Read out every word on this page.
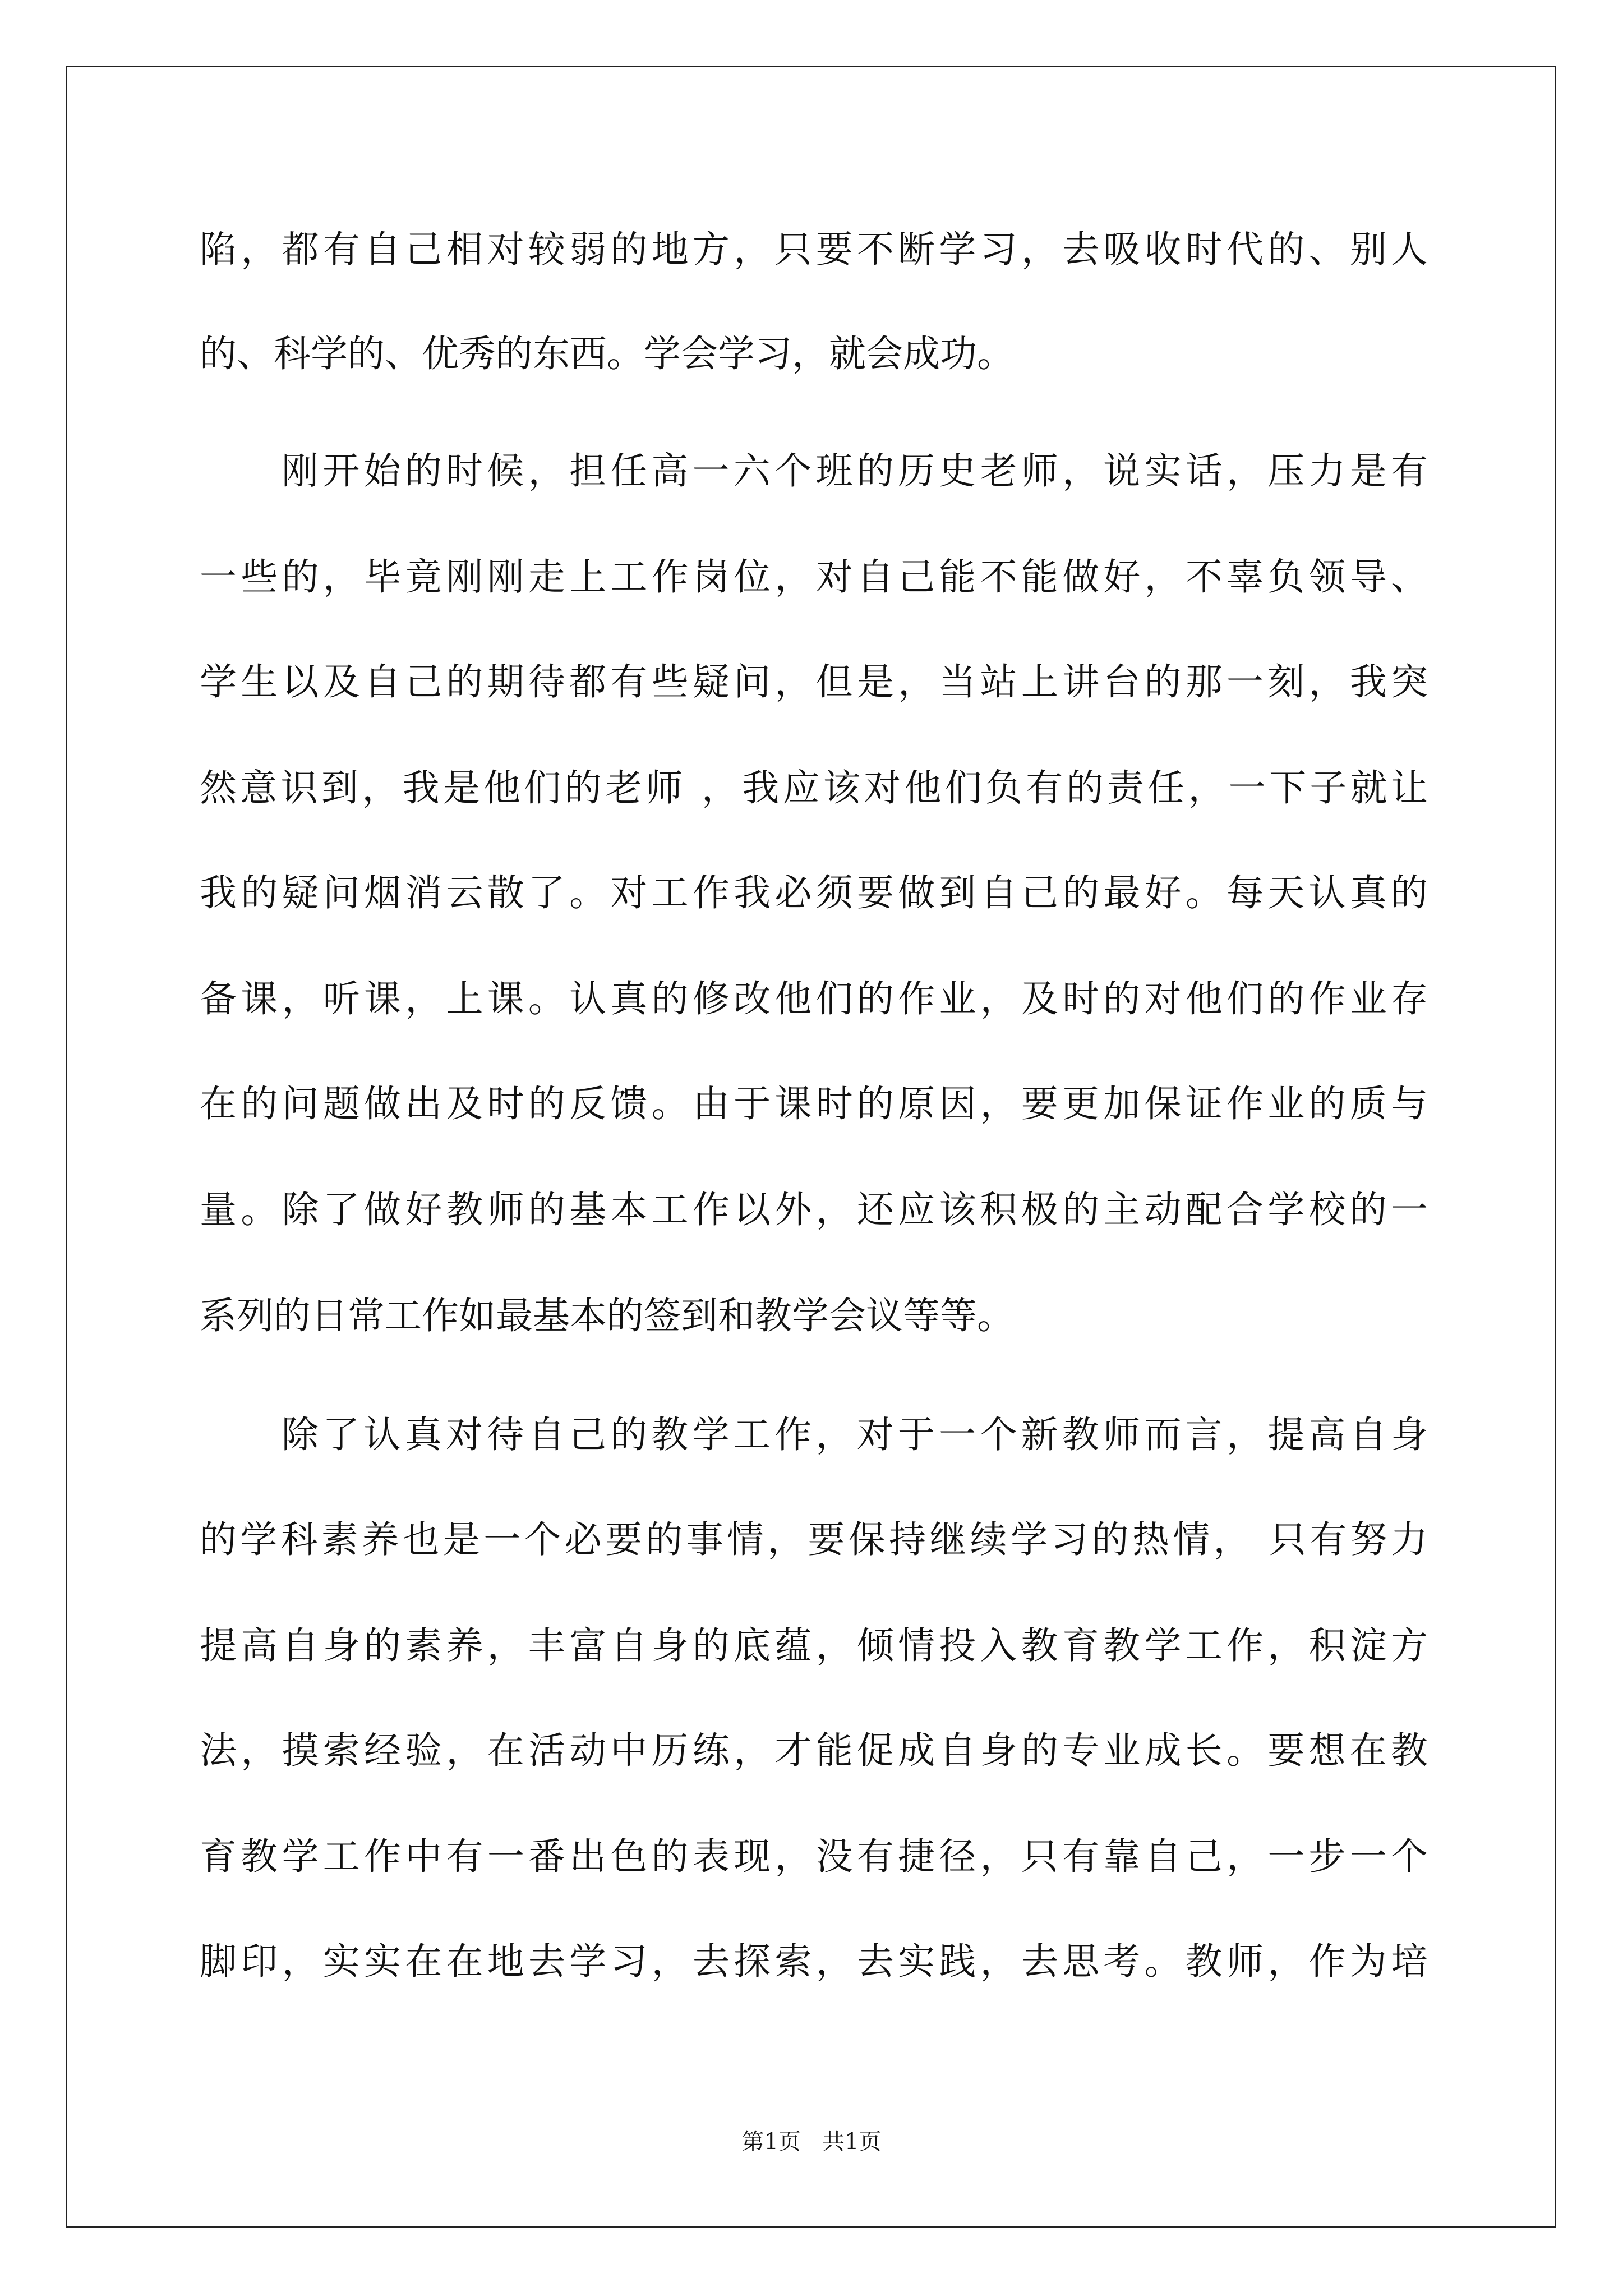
陷，都有自己相对较弱的地方，只要不断学习，去吸收时代的、别人
的、科学的、优秀的东西。学会学习，就会成功。
刚开始的时候，担任高一六个班的历史老师，说实话，压力是有
一些的，毕竟刚刚走上工作岗位，对自己能不能做好，不辜负领导、
学生以及自己的期待都有些疑问，但是，当站上讲台的那一刻，我突
然意识到，我是他们的老师 ，我应该对他们负有的责任，一下子就让
我的疑问烟消云散了。对工作我必须要做到自己的最好。每天认真的
备课，听课，上课。认真的修改他们的作业，及时的对他们的作业存
在的问题做出及时的反馈。由于课时的原因，要更加保证作业的质与
量。除了做好教师的基本工作以外，还应该积极的主动配合学校的一
系列的日常工作如最基本的签到和教学会议等等。
除了认真对待自己的教学工作，对于一个新教师而言，提高自身
的学科素养也是一个必要的事情，要保持继续学习的热情， 只有努力
提高自身的素养，丰富自身的底蕴，倾情投入教育教学工作，积淀方
法，摸索经验，在活动中历练，才能促成自身的专业成长。要想在教
育教学工作中有一番出色的表现，没有捷径，只有靠自己，一步一个
脚印，实实在在地去学习，去探索，去实践，去思考。教师，作为培
第1页   共1页
